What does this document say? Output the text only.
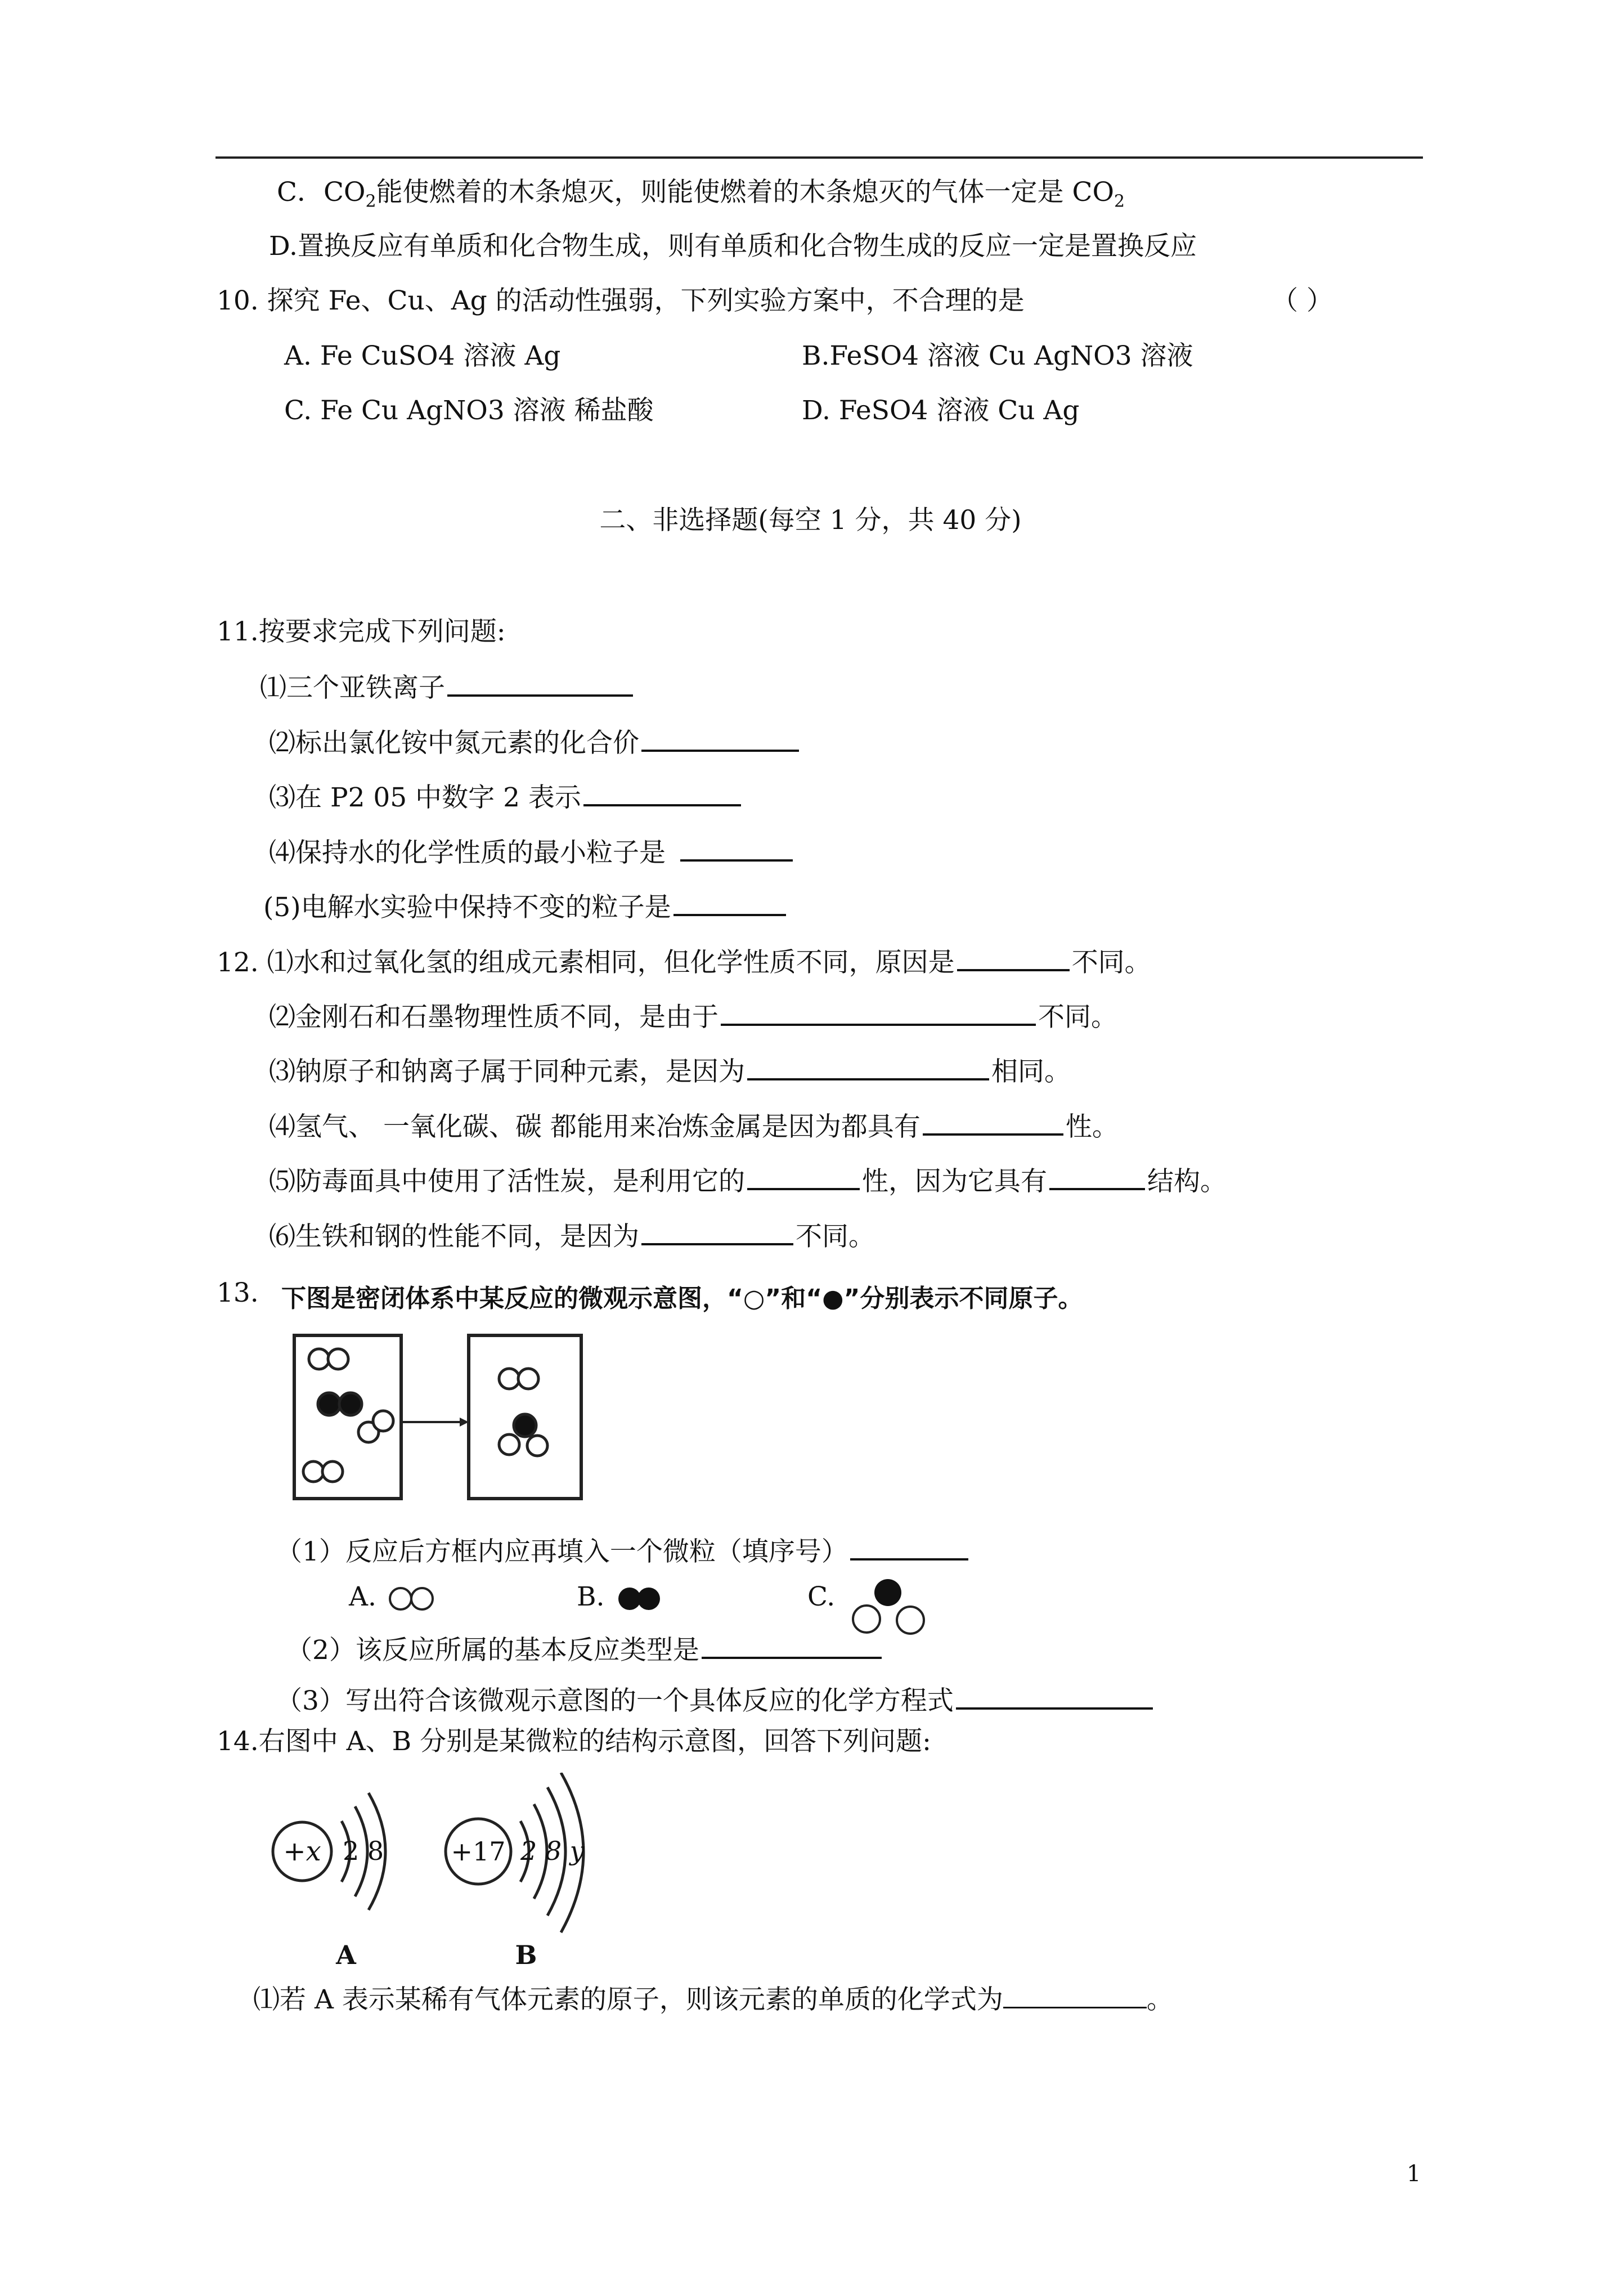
C．$CO_2$能使燃着的木条熄灭，则能使燃着的木条熄灭的气体一定是 $CO_2$
D.置换反应有单质和化合物生成，则有单质和化合物生成的反应一定是置换反应
10. 探究 Fe、Cu、Ag 的活动性强弱，下列实验方案中，不合理的是	（ ）
A. Fe CuSO4 溶液 Ag	B.FeSO4 溶液 Cu AgNO3 溶液
C. Fe Cu AgNO3 溶液 稀盐酸	D. FeSO4 溶液 Cu Ag
二、非选择题(每空 1 分，共 40 分)
11.按要求完成下列问题:
⑴三个亚铁离子
⑵标出氯化铵中氮元素的化合价
⑶在 P2 05 中数字 2 表示
⑷保持水的化学性质的最小粒子是
(5)电解水实验中保持不变的粒子是
12. ⑴水和过氧化氢的组成元素相同，但化学性质不同，原因是	不同。
⑵金刚石和石墨物理性质不同，是由于	不同。
⑶钠原子和钠离子属于同种元素，是因为	相同。
⑷氢气、 一氧化碳、碳 都能用来冶炼金属是因为都具有	性。
⑸防毒面具中使用了活性炭，是利用它的	性，因为它具有	结构。
⑹生铁和钢的性能不同，是因为	不同。
13. 下图是密闭体系中某反应的微观示意图，“○”和“●”分别表示不同原子。
（1）反应后方框内应再填入一个微粒（填序号）
A.	B.	C.
（2）该反应所属的基本反应类型是
（3）写出符合该微观示意图的一个具体反应的化学方程式
14.右图中 A、B 分别是某微粒的结构示意图，回答下列问题:
+x 2 8
A
+17 2 8 y
B
⑴若 A 表示某稀有气体元素的原子，则该元素的单质的化学式为	。
1
